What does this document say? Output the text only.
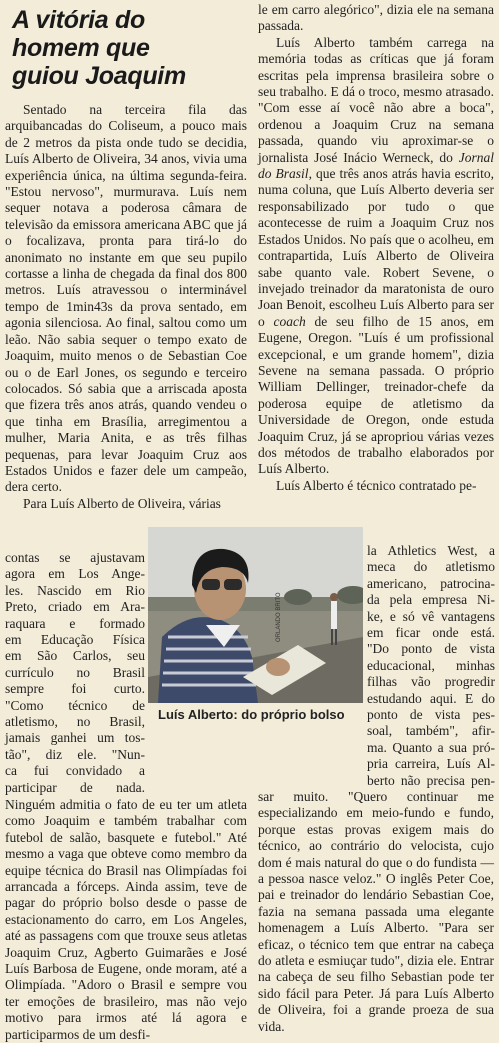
A vitória do
homem que
guiou Joaquim

Sentado na terceira fila das arquibancadas do Coliseum, a pouco mais de 2 metros da pista onde tudo se decidia, Luís Alberto de Oliveira, 34 anos, vivia uma experiência única, na última segunda-feira. "Estou nervoso", murmurava. Luís nem sequer notava a poderosa câmara de televisão da emissora americana ABC que já o focalizava, pronta para tirá-lo do anonimato no instante em que seu pupilo cortasse a linha de chegada da final dos 800 metros. Luís atravessou o interminável tempo de 1min43s da prova sentado, em agonia silenciosa. Ao final, saltou como um leão. Não sabia sequer o tempo exato de Joaquim, muito menos o de Sebastian Coe ou o de Earl Jones, os segundo e terceiro colocados. Só sabia que a arriscada aposta que fizera três anos atrás, quando vendeu o que tinha em Brasília, arregimentou a mulher, Maria Anita, e as três filhas pequenas, para levar Joaquim Cruz aos Estados Unidos e fazer dele um campeão, dera certo.

Para Luís Alberto de Oliveira, várias

contas se ajustavam
agora em Los Ange-
les. Nascido em Rio
Preto, criado em Ara-
raquara e formado
em Educação Física
em São Carlos, seu
currículo no Brasil
sempre foi curto.
"Como técnico de
atletismo, no Brasil,
jamais ganhei um tos-
tão", diz ele. "Nun-
ca fui convidado a
participar de nada.

Ninguém admitia o fato de eu ter um atleta como Joaquim e também trabalhar com futebol de salão, basquete e futebol." Até mesmo a vaga que obteve como membro da equipe técnica do Brasil nas Olimpíadas foi arrancada a fórceps. Ainda assim, teve de pagar do próprio bolso desde o passe de estacionamento do carro, em Los Angeles, até as passagens com que trouxe seus atletas Joaquim Cruz, Agberto Guimarães e José Luís Barbosa de Eugene, onde moram, até a Olimpíada. "Adoro o Brasil e sempre vou ter emoções de brasileiro, mas não vejo motivo para irmos até lá agora e participarmos de um desfi-

le em carro alegórico", dizia ele na semana passada.

Luís Alberto também carrega na memória todas as críticas que já foram escritas pela imprensa brasileira sobre o seu trabalho. E dá o troco, mesmo atrasado. "Com esse aí você não abre a boca", ordenou a Joaquim Cruz na semana passada, quando viu aproximar-se o jornalista José Inácio Werneck, do Jornal do Brasil, que três anos atrás havia escrito, numa coluna, que Luís Alberto deveria ser responsabilizado por tudo o que acontecesse de ruim a Joaquim Cruz nos Estados Unidos. No país que o acolheu, em contrapartida, Luís Alberto de Oliveira sabe quanto vale. Robert Sevene, o invejado treinador da maratonista de ouro Joan Benoit, escolheu Luís Alberto para ser o coach de seu filho de 15 anos, em Eugene, Oregon. "Luís é um profissional excepcional, e um grande homem", dizia Sevene na semana passada. O próprio William Dellinger, treinador-chefe da poderosa equipe de atletismo da Universidade de Oregon, onde estuda Joaquim Cruz, já se apropriou várias vezes dos métodos de trabalho elaborados por Luís Alberto.

Luís Alberto é técnico contratado pe-

la Athletics West, a
meca do atletismo
americano, patrocina-
da pela empresa Ni-
ke, e só vê vantagens
em ficar onde está.
"Do ponto de vista
educacional, minhas
filhas vão progredir
estudando aqui. E do
ponto de vista pes-
soal, também", afir-
ma. Quanto a sua pró-
pria carreira, Luís Al-
berto não precisa pen-

sar muito. "Quero continuar me especializando em meio-fundo e fundo, porque estas provas exigem mais do técnico, ao contrário do velocista, cujo dom é mais natural do que o do fundista — a pessoa nasce veloz." O inglês Peter Coe, pai e treinador do lendário Sebastian Coe, fazia na semana passada uma elegante homenagem a Luís Alberto. "Para ser eficaz, o técnico tem que entrar na cabeça do atleta e esmiuçar tudo", dizia ele. Entrar na cabeça de seu filho Sebastian pode ter sido fácil para Peter. Já para Luís Alberto de Oliveira, foi a grande proeza de sua vida.

ORLANDO BRITO
Luís Alberto: do próprio bolso
